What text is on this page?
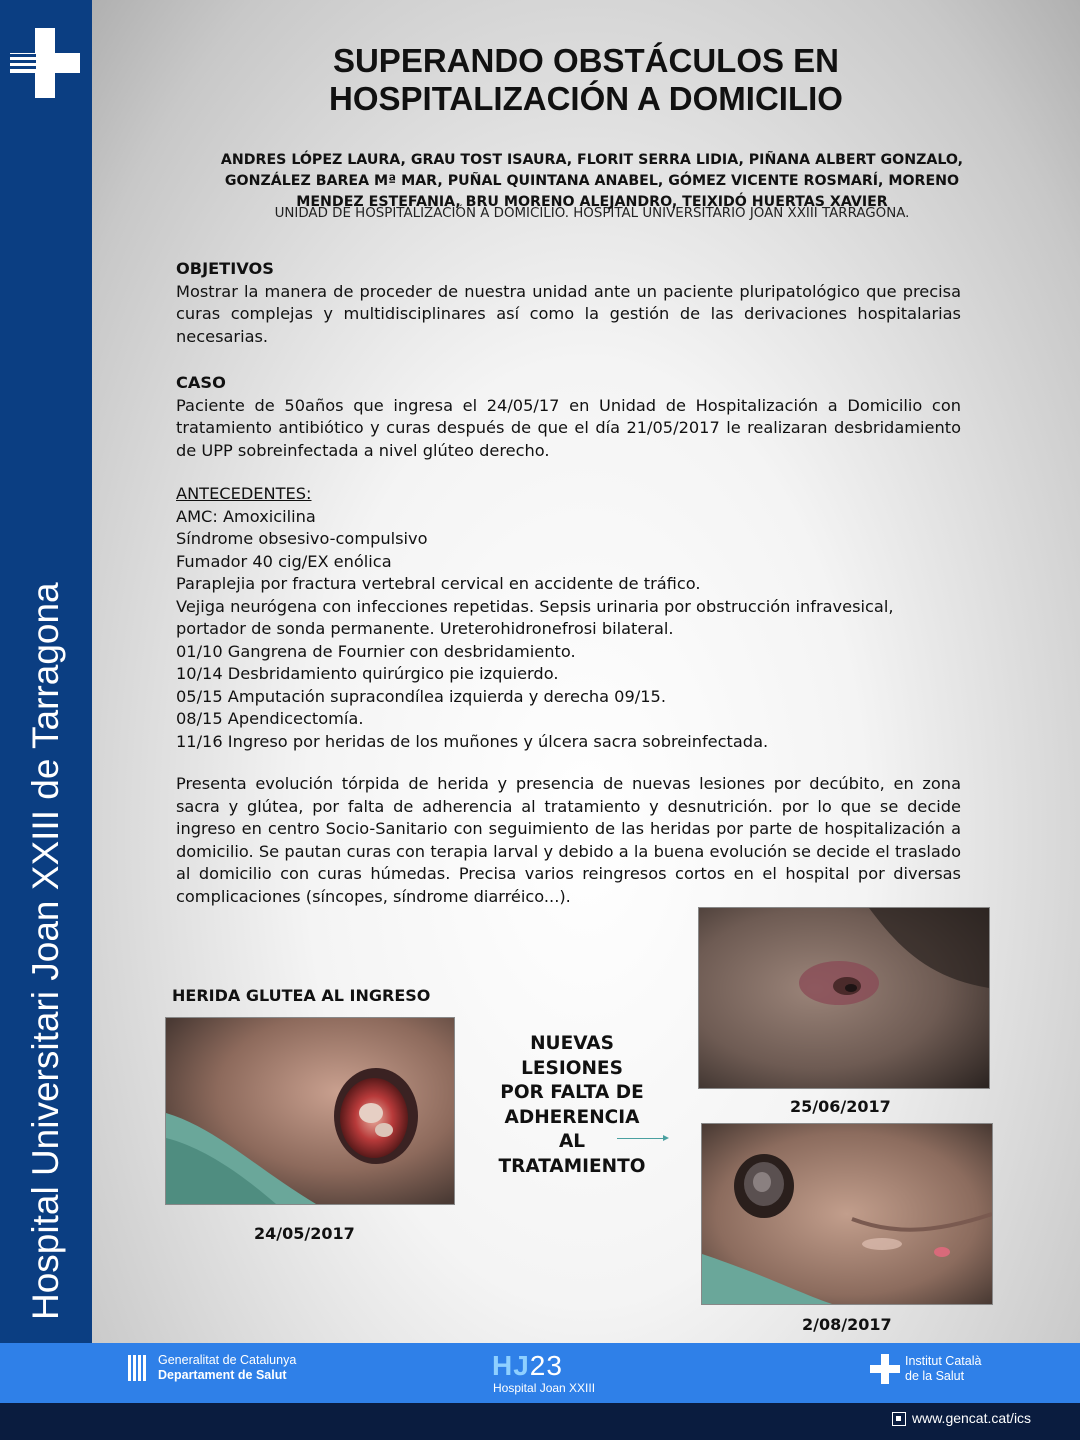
Hospital Universitari Joan XXIII de Tarragona
SUPERANDO OBSTÁCULOS EN
HOSPITALIZACIÓN A DOMICILIO
ANDRES LÓPEZ LAURA, GRAU TOST ISAURA, FLORIT SERRA LIDIA, PIÑANA ALBERT GONZALO,
GONZÁLEZ BAREA Mª MAR, PUÑAL QUINTANA ANABEL, GÓMEZ VICENTE ROSMARÍ, MORENO
MENDEZ ESTEFANIA, BRU MORENO ALEJANDRO, TEIXIDÓ HUERTAS XAVIER
UNIDAD DE HOSPITALIZACIÓN A DOMICILIO. HOSPITAL UNIVERSITARIO JOAN XXIII TARRAGONA.
OBJETIVOS
Mostrar la manera de proceder de nuestra unidad ante un paciente pluripatológico que precisa curas complejas y multidisciplinares así como la gestión de las derivaciones hospitalarias necesarias.
CASO
Paciente de 50años que ingresa el 24/05/17 en Unidad de Hospitalización a Domicilio con tratamiento antibiótico y curas después de que el día 21/05/2017 le realizaran desbridamiento de UPP sobreinfectada a nivel glúteo derecho.
ANTECEDENTES:
AMC: Amoxicilina
Síndrome obsesivo-compulsivo
Fumador 40 cig/EX enólica
Paraplejia por fractura vertebral cervical en accidente de tráfico.
Vejiga neurógena con infecciones repetidas. Sepsis urinaria por obstrucción infravesical,
portador de sonda permanente. Ureterohidronefrosi bilateral.
01/10 Gangrena de Fournier con desbridamiento.
10/14 Desbridamiento quirúrgico pie izquierdo.
05/15 Amputación supracondílea izquierda y derecha 09/15.
08/15 Apendicectomía.
11/16 Ingreso por heridas de los muñones y úlcera sacra sobreinfectada.
Presenta evolución tórpida de herida y presencia de nuevas lesiones por decúbito, en zona sacra y glútea, por falta de adherencia al tratamiento y desnutrición. por lo que se decide ingreso en centro Socio-Sanitario con seguimiento de las heridas por parte de hospitalización a domicilio. Se pautan curas con terapia larval y debido a la buena evolución se decide el traslado al domicilio con curas húmedas. Precisa varios reingresos cortos en el hospital por diversas complicaciones (síncopes, síndrome diarréico...).
HERIDA GLUTEA AL INGRESO
24/05/2017
NUEVAS
LESIONES
POR FALTA DE
ADHERENCIA
AL
TRATAMIENTO
25/06/2017
2/08/2017
Generalitat de Catalunya
Departament de Salut	HJ23
Hospital Joan XXIII
Institut Català
de la Salut
www.gencat.cat/ics
